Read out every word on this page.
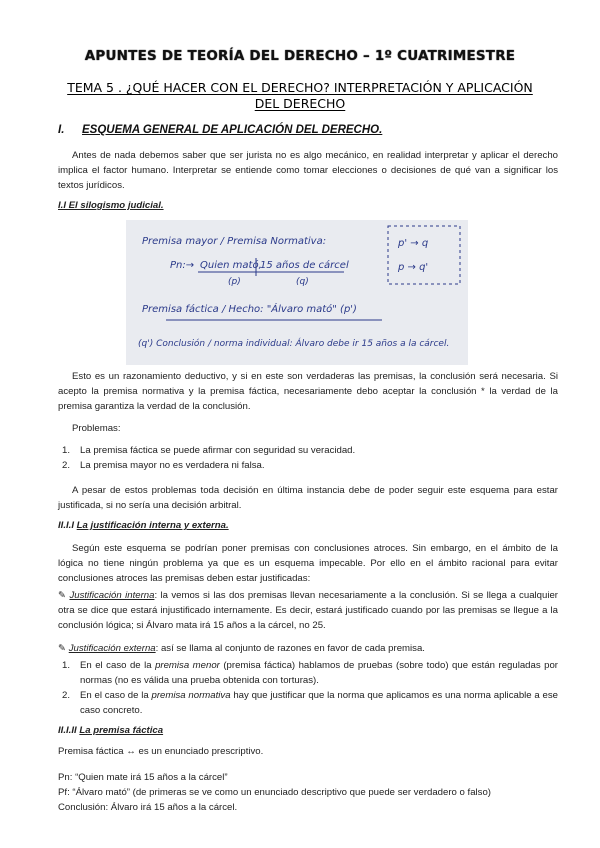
APUNTES DE TEORÍA DEL DERECHO – 1º CUATRIMESTRE
TEMA 5 . ¿QUÉ HACER CON EL DERECHO? INTERPRETACIÓN Y APLICACIÓN
DEL DERECHO
I. ESQUEMA GENERAL DE APLICACIÓN DEL DERECHO.

Antes de nada debemos saber que ser jurista no es algo mecánico, en realidad interpretar y aplicar el derecho implica el factor humano. Interpretar se entiende como tomar elecciones o decisiones de qué van a significar los textos jurídicos.

I.I El silogismo judicial.
Premisa mayor / Premisa Normativa:
Pn:→ Quien mató,
15 años de cárcel
(p)	(q)
p' → q
p → q'
Premisa fáctica / Hecho: "Álvaro mató" (p')
(q') Conclusión / norma individual: Álvaro debe ir 15 años a la cárcel.

Esto es un razonamiento deductivo, y si en este son verdaderas las premisas, la conclusión será necesaria. Si acepto la premisa normativa y la premisa fáctica, necesariamente debo aceptar la conclusión * la verdad de la premisa garantiza la verdad de la conclusión.

Problemas:

1. La premisa fáctica se puede afirmar con seguridad su veracidad.
2. La premisa mayor no es verdadera ni falsa.

A pesar de estos problemas toda decisión en última instancia debe de poder seguir este esquema para estar justificada, si no sería una decisión arbitral.

II.I.I La justificación interna y externa.

Según este esquema se podrían poner premisas con conclusiones atroces. Sin embargo, en el ámbito de la lógica no tiene ningún problema ya que es un esquema impecable. Por ello en el ámbito racional para evitar conclusiones atroces las premisas deben estar justificadas:

✎ Justificación interna: la vemos si las dos premisas llevan necesariamente a la conclusión. Si se llega a cualquier otra se dice que estará injustificado internamente. Es decir, estará justificado cuando por las premisas se llegue a la conclusión lógica; si Álvaro mata irá 15 años a la cárcel, no 25.

✎ Justificación externa: así se llama al conjunto de razones en favor de cada premisa.

1. En el caso de la premisa menor (premisa fáctica) hablamos de pruebas (sobre todo) que están reguladas por normas (no es válida una prueba obtenida con torturas).
2. En el caso de la premisa normativa hay que justificar que la norma que aplicamos es una norma aplicable a ese caso concreto.
II.I.II La premisa fáctica
Premisa fáctica ↔ es un enunciado prescriptivo.
Pn: “Quien mate irá 15 años a la cárcel”
Pf: “Álvaro mató” (de primeras se ve como un enunciado descriptivo que puede ser verdadero o falso)
Conclusión: Álvaro irá 15 años a la cárcel.
